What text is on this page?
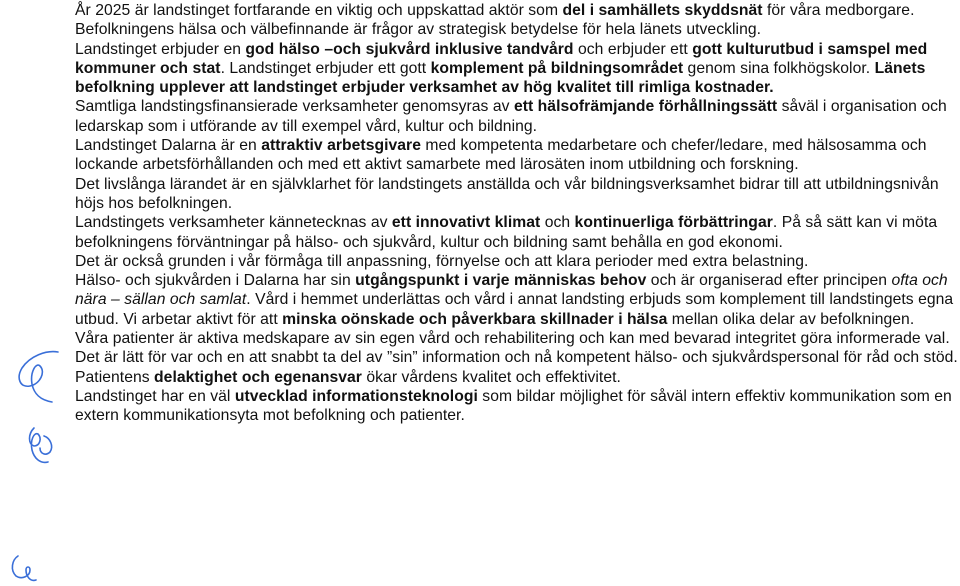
År 2025 är landstinget fortfarande en viktig och uppskattad aktör som del i samhällets skyddsnät för våra medborgare. Befolkningens hälsa och välbefinnande är frågor av strategisk betydelse för hela länets utveckling.

Landstinget erbjuder en god hälso –och sjukvård inklusive tandvård och erbjuder ett gott kulturutbud i samspel med kommuner och stat. Landstinget erbjuder ett gott komplement på bildningsområdet genom sina folkhögskolor. Länets befolkning upplever att landstinget erbjuder verksamhet av hög kvalitet till rimliga kostnader.

Samtliga landstingsfinansierade verksamheter genomsyras av ett hälsofrämjande förhållningssätt såväl i organisation och ledarskap som i utförande av till exempel vård, kultur och bildning.

Landstinget Dalarna är en attraktiv arbetsgivare med kompetenta medarbetare och chefer/ledare, med hälsosamma och lockande arbetsförhållanden och med ett aktivt samarbete med lärosäten inom utbildning och forskning.

Det livslånga lärandet är en självklarhet för landstingets anställda och vår bildningsverksamhet bidrar till att utbildningsnivån höjs hos befolkningen.

Landstingets verksamheter kännetecknas av ett innovativt klimat och kontinuerliga förbättringar. På så sätt kan vi möta befolkningens förväntningar på hälso- och sjukvård, kultur och bildning samt behålla en god ekonomi.

Det är också grunden i vår förmåga till anpassning, förnyelse och att klara perioder med extra belastning.

Hälso- och sjukvården i Dalarna har sin utgångspunkt i varje människas behov och är organiserad efter principen ofta och nära – sällan och samlat. Vård i hemmet underlättas och vård i annat landsting erbjuds som komplement till landstingets egna utbud. Vi arbetar aktivt för att minska oönskade och påverkbara skillnader i hälsa mellan olika delar av befolkningen.

Våra patienter är aktiva medskapare av sin egen vård och rehabilitering och kan med bevarad integritet göra informerade val. Det är lätt för var och en att snabbt ta del av ”sin” information och nå kompetent hälso- och sjukvårdspersonal för råd och stöd. Patientens delaktighet och egenansvar ökar vårdens kvalitet och effektivitet.

Landstinget har en väl utvecklad informationsteknologi som bildar möjlighet för såväl intern effektiv kommunikation som en extern kommunikationsyta mot befolkning och patienter.
